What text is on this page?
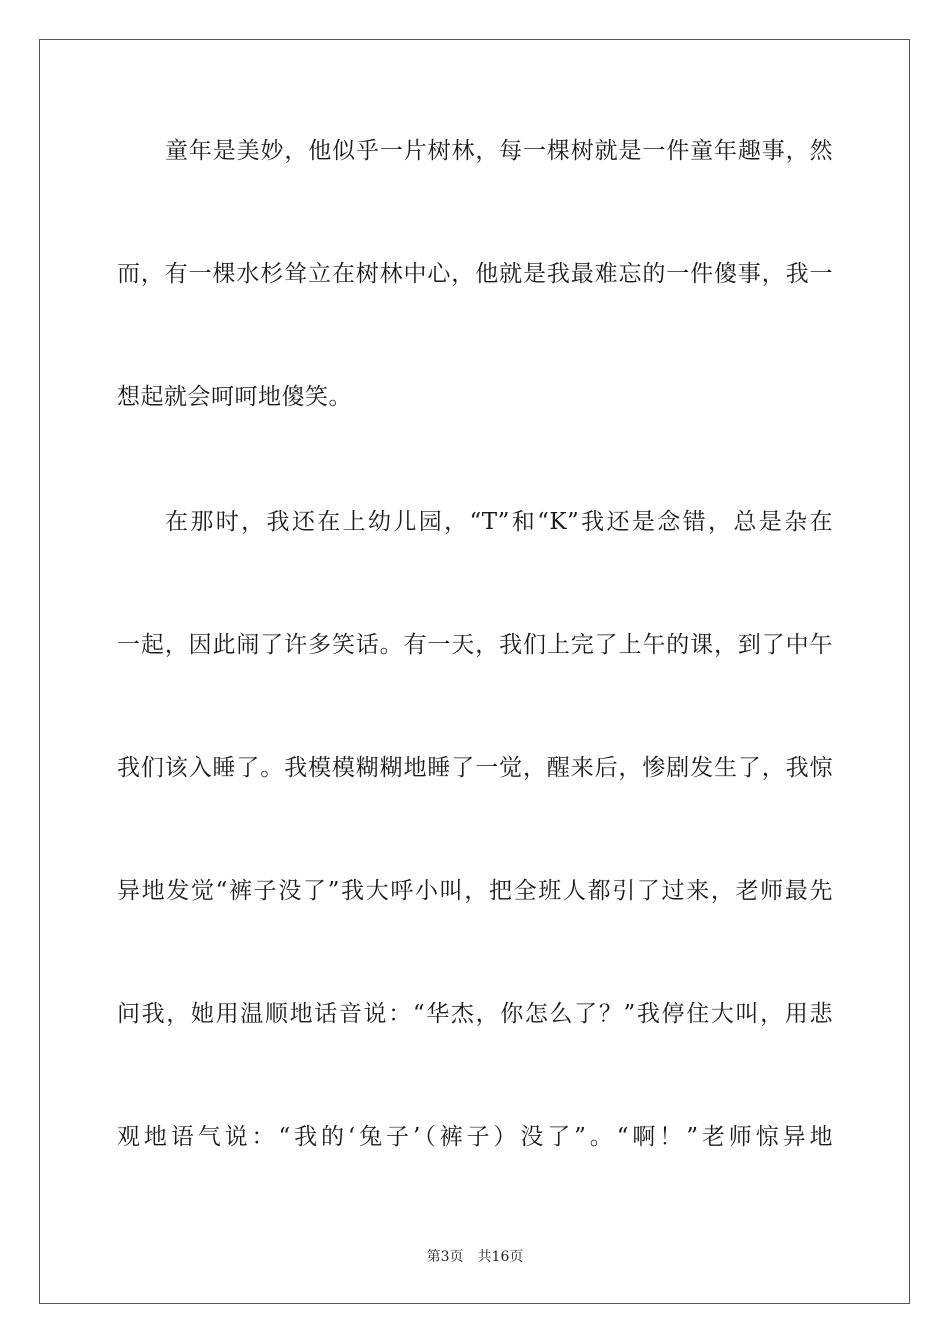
童年是美妙，他似乎一片树林，每一棵树就是一件童年趣事，然
而，有一棵水杉耸立在树林中心，他就是我最难忘的一件傻事，我一
想起就会呵呵地傻笑。
在那时，我还在上幼儿园，“T”和“K”我还是念错，总是杂在
一起，因此闹了许多笑话。有一天，我们上完了上午的课，到了中午
我们该入睡了。我模模糊糊地睡了一觉，醒来后，惨剧发生了，我惊
异地发觉“裤子没了”我大呼小叫，把全班人都引了过来，老师最先
问我，她用温顺地话音说：“华杰，你怎么了？”我停住大叫，用悲
观地语气说：“我的‘兔子’（裤子）没了”。“啊！”老师惊异地
第3页 共16页
